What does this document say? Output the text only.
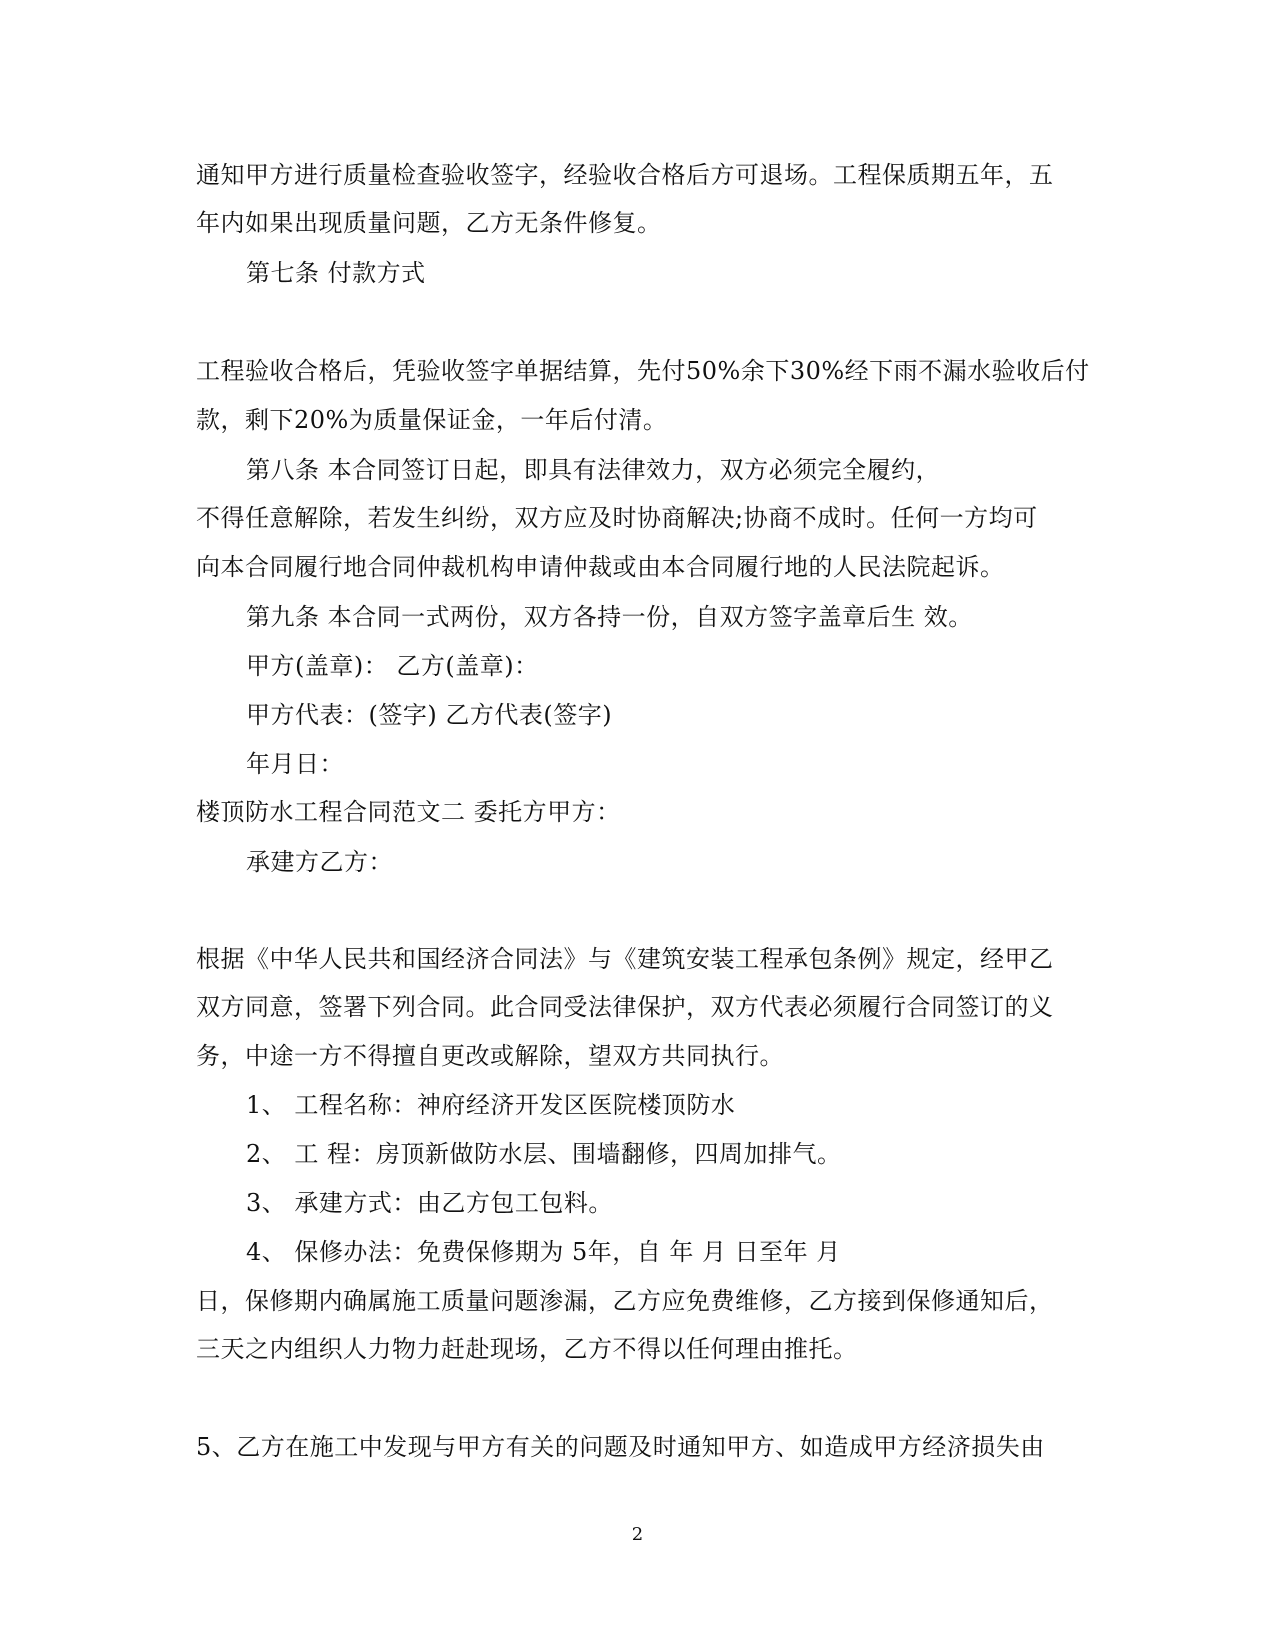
通知甲方进行质量检查验收签字，经验收合格后方可退场。工程保质期五年，五
年内如果出现质量问题，乙方无条件修复。
第七条 付款方式
工程验收合格后，凭验收签字单据结算，先付50%余下30%经下雨不漏水验收后付
款，剩下20%为质量保证金，一年后付清。
第八条 本合同签订日起，即具有法律效力，双方必须完全履约，
不得任意解除，若发生纠纷，双方应及时协商解决;协商不成时。任何一方均可
向本合同履行地合同仲裁机构申请仲裁或由本合同履行地的人民法院起诉。
第九条 本合同一式两份，双方各持一份，自双方签字盖章后生 效。
甲方(盖章)： 乙方(盖章)：
甲方代表：(签字) 乙方代表(签字)
年月日：
楼顶防水工程合同范文二 委托方甲方：
承建方乙方：
根据《中华人民共和国经济合同法》与《建筑安装工程承包条例》规定，经甲乙
双方同意，签署下列合同。此合同受法律保护，双方代表必须履行合同签订的义
务，中途一方不得擅自更改或解除，望双方共同执行。
1、 工程名称：神府经济开发区医院楼顶防水
2、 工 程：房顶新做防水层、围墙翻修，四周加排气。
3、 承建方式：由乙方包工包料。
4、 保修办法：免费保修期为 5年，自 年 月 日至年 月
日，保修期内确属施工质量问题渗漏，乙方应免费维修，乙方接到保修通知后，
三天之内组织人力物力赶赴现场，乙方不得以任何理由推托。
5、乙方在施工中发现与甲方有关的问题及时通知甲方、如造成甲方经济损失由
2
